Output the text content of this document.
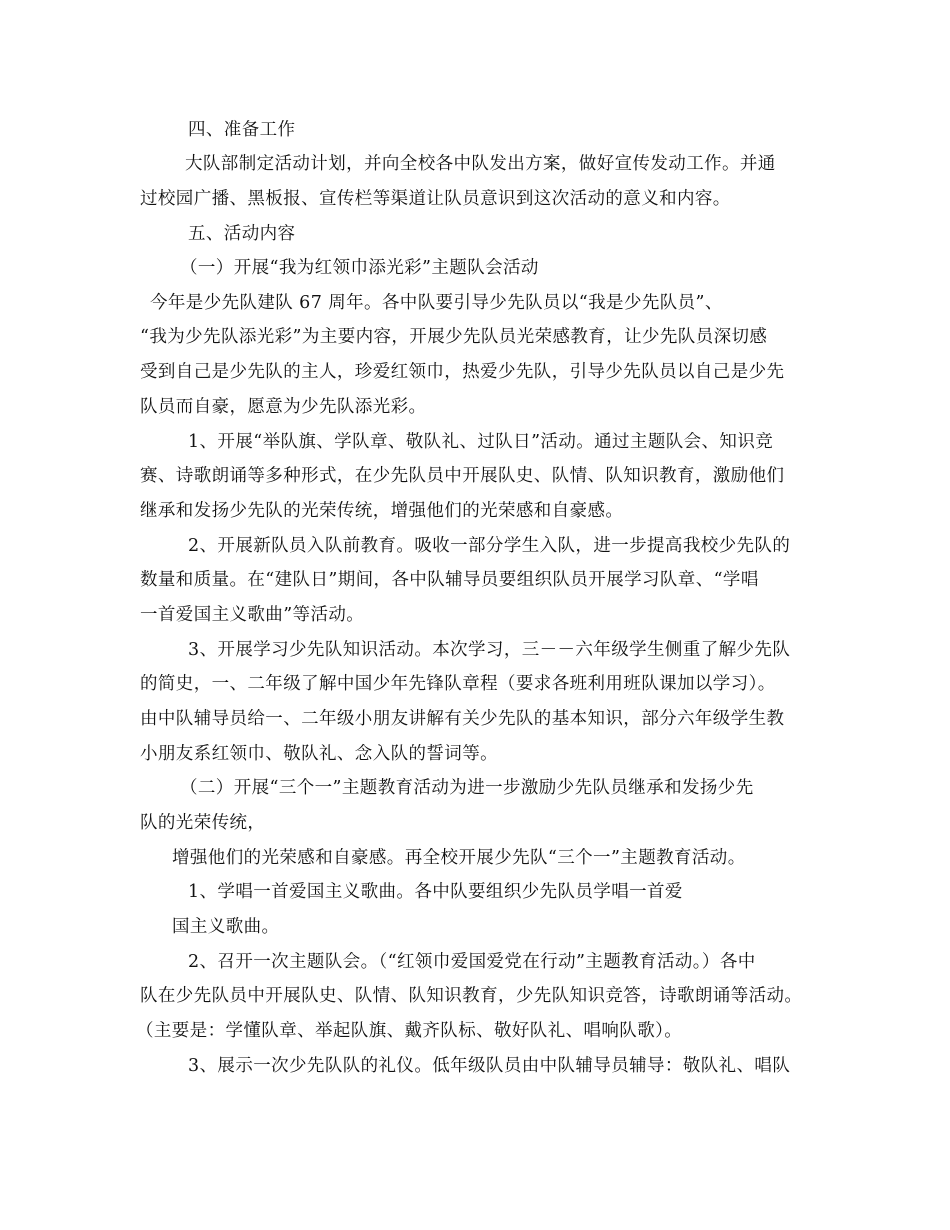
四、准备工作
大队部制定活动计划，并向全校各中队发出方案，做好宣传发动工作。并通
过校园广播、黑板报、宣传栏等渠道让队员意识到这次活动的意义和内容。
五、活动内容
（一）开展“我为红领巾添光彩”主题队会活动
今年是少先队建队 67 周年。各中队要引导少先队员以“我是少先队员”、
“我为少先队添光彩”为主要内容，开展少先队员光荣感教育，让少先队员深切感
受到自己是少先队的主人，珍爱红领巾，热爱少先队，引导少先队员以自己是少先
队员而自豪，愿意为少先队添光彩。
1、开展“举队旗、学队章、敬队礼、过队日”活动。通过主题队会、知识竞
赛、诗歌朗诵等多种形式，在少先队员中开展队史、队情、队知识教育，激励他们
继承和发扬少先队的光荣传统，增强他们的光荣感和自豪感。
2、开展新队员入队前教育。吸收一部分学生入队，进一步提高我校少先队的
数量和质量。在“建队日”期间，各中队辅导员要组织队员开展学习队章、“学唱
一首爱国主义歌曲”等活动。
3、开展学习少先队知识活动。本次学习，三－－六年级学生侧重了解少先队
的简史，一、二年级了解中国少年先锋队章程（要求各班利用班队课加以学习）。
由中队辅导员给一、二年级小朋友讲解有关少先队的基本知识，部分六年级学生教
小朋友系红领巾、敬队礼、念入队的誓词等。
（二）开展“三个一”主题教育活动为进一步激励少先队员继承和发扬少先
队的光荣传统，
增强他们的光荣感和自豪感。再全校开展少先队“三个一”主题教育活动。
1、学唱一首爱国主义歌曲。各中队要组织少先队员学唱一首爱
国主义歌曲。
2、召开一次主题队会。（“红领巾爱国爱党在行动”主题教育活动。）各中
队在少先队员中开展队史、队情、队知识教育，少先队知识竞答，诗歌朗诵等活动。
（主要是：学懂队章、举起队旗、戴齐队标、敬好队礼、唱响队歌）。
3、展示一次少先队队的礼仪。低年级队员由中队辅导员辅导：敬队礼、唱队
